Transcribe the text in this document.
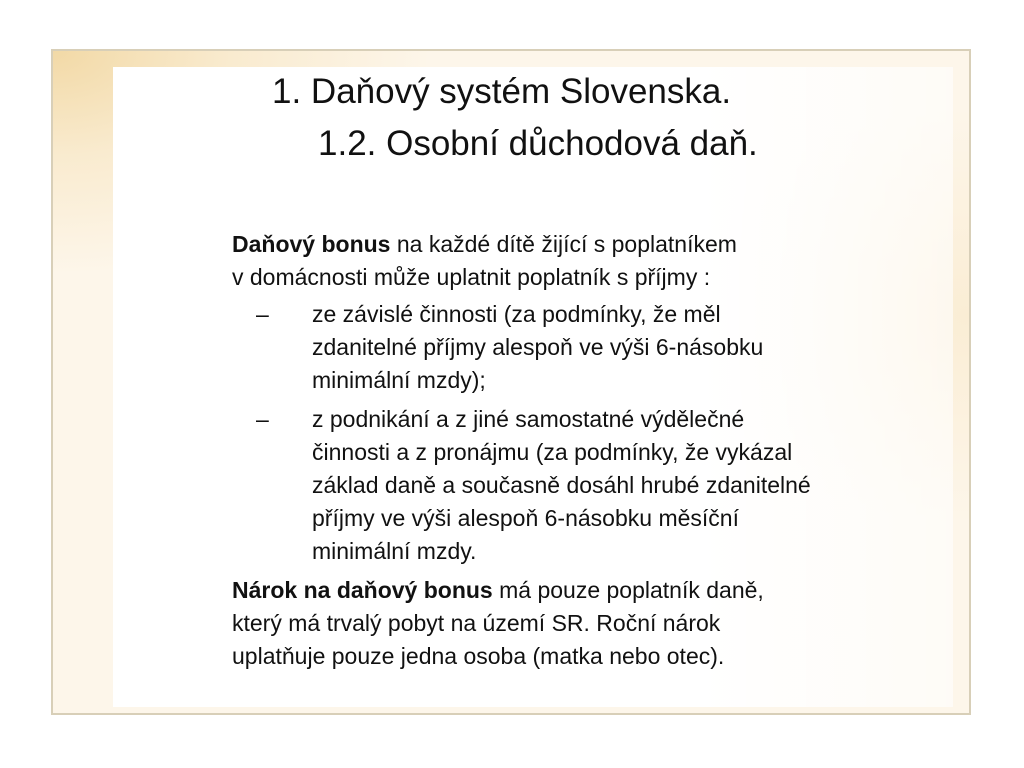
1. Daňový systém Slovenska.
1.2. Osobní důchodová daň.

Daňový bonus na každé dítě žijící s poplatníkem
v domácnosti může uplatnit poplatník s příjmy :

– ze závislé činnosti (za podmínky, že měl
zdanitelné příjmy alespoň ve výši 6-násobku
minimální mzdy);
– z podnikání a z jiné samostatné výdělečné
činnosti a z pronájmu (za podmínky, že vykázal
základ daně a současně dosáhl hrubé zdanitelné
příjmy ve výši alespoň 6-násobku měsíční
minimální mzdy.

Nárok na daňový bonus má pouze poplatník daně,
který má trvalý pobyt na území SR. Roční nárok
uplatňuje pouze jedna osoba (matka nebo otec).
